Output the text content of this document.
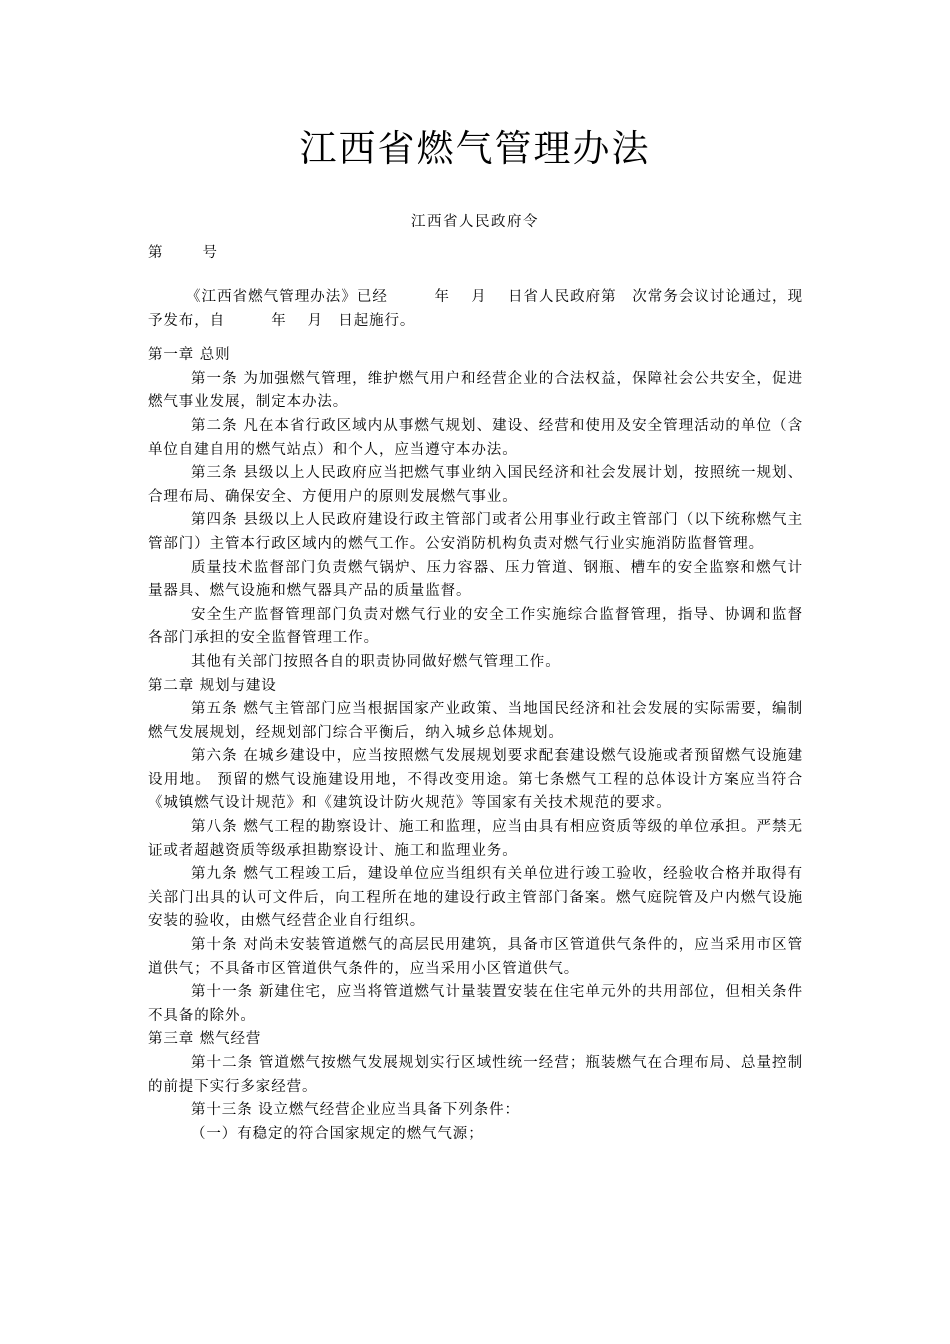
江西省燃气管理办法
江西省人民政府令
第	号

《江西省燃气管理办法》已经　　　年　 月　 日省人民政府第　次常务会议讨论通过，现予发布，自　　　年　 月　日起施行。

第一章 总则

第一条 为加强燃气管理，维护燃气用户和经营企业的合法权益，保障社会公共安全，促进燃气事业发展，制定本办法。

第二条 凡在本省行政区域内从事燃气规划、建设、经营和使用及安全管理活动的单位（含单位自建自用的燃气站点）和个人，应当遵守本办法。

第三条 县级以上人民政府应当把燃气事业纳入国民经济和社会发展计划，按照统一规划、合理布局、确保安全、方便用户的原则发展燃气事业。

第四条 县级以上人民政府建设行政主管部门或者公用事业行政主管部门（以下统称燃气主管部门）主管本行政区域内的燃气工作。公安消防机构负责对燃气行业实施消防监督管理。

质量技术监督部门负责燃气锅炉、压力容器、压力管道、钢瓶、槽车的安全监察和燃气计量器具、燃气设施和燃气器具产品的质量监督。

安全生产监督管理部门负责对燃气行业的安全工作实施综合监督管理，指导、协调和监督各部门承担的安全监督管理工作。

其他有关部门按照各自的职责协同做好燃气管理工作。

第二章 规划与建设

第五条 燃气主管部门应当根据国家产业政策、当地国民经济和社会发展的实际需要，编制燃气发展规划，经规划部门综合平衡后，纳入城乡总体规划。

第六条 在城乡建设中，应当按照燃气发展规划要求配套建设燃气设施或者预留燃气设施建设用地。 预留的燃气设施建设用地，不得改变用途。第七条燃气工程的总体设计方案应当符合《城镇燃气设计规范》和《建筑设计防火规范》等国家有关技术规范的要求。

第八条 燃气工程的勘察设计、施工和监理，应当由具有相应资质等级的单位承担。严禁无证或者超越资质等级承担勘察设计、施工和监理业务。

第九条 燃气工程竣工后，建设单位应当组织有关单位进行竣工验收，经验收合格并取得有关部门出具的认可文件后，向工程所在地的建设行政主管部门备案。燃气庭院管及户内燃气设施安装的验收，由燃气经营企业自行组织。

第十条 对尚未安装管道燃气的高层民用建筑，具备市区管道供气条件的，应当采用市区管道供气；不具备市区管道供气条件的，应当采用小区管道供气。

第十一条 新建住宅，应当将管道燃气计量装置安装在住宅单元外的共用部位，但相关条件不具备的除外。

第三章 燃气经营

第十二条 管道燃气按燃气发展规划实行区域性统一经营；瓶装燃气在合理布局、总量控制的前提下实行多家经营。

第十三条 设立燃气经营企业应当具备下列条件：

（一）有稳定的符合国家规定的燃气气源；
